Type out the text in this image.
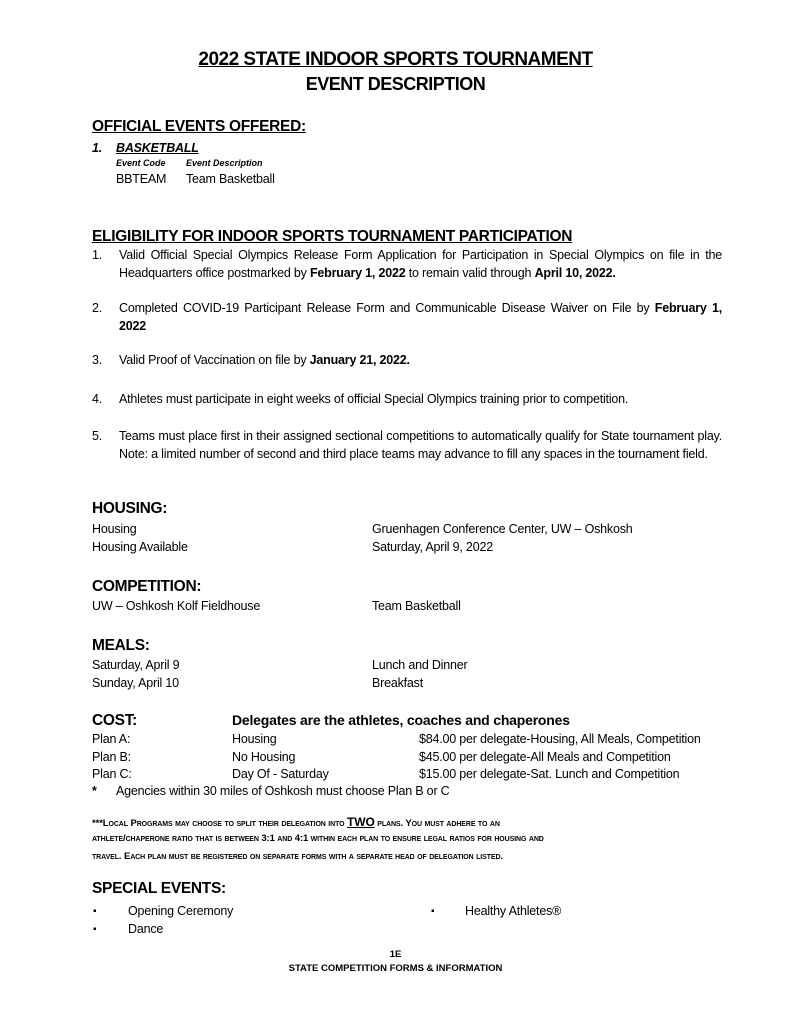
2022 STATE INDOOR SPORTS TOURNAMENT
EVENT DESCRIPTION
OFFICIAL EVENTS OFFERED:
1. BASKETBALL
Event Code Event Description
BBTEAM Team Basketball
ELIGIBILITY FOR INDOOR SPORTS TOURNAMENT PARTICIPATION
1. Valid Official Special Olympics Release Form Application for Participation in Special Olympics on file in the Headquarters office postmarked by February 1, 2022 to remain valid through April 10, 2022.
2. Completed COVID-19 Participant Release Form and Communicable Disease Waiver on File by February 1, 2022
3. Valid Proof of Vaccination on file by January 21, 2022.
4. Athletes must participate in eight weeks of official Special Olympics training prior to competition.
5. Teams must place first in their assigned sectional competitions to automatically qualify for State tournament play. Note: a limited number of second and third place teams may advance to fill any spaces in the tournament field.
HOUSING:
Housing	Gruenhagen Conference Center, UW – Oshkosh
Housing Available	Saturday, April 9, 2022
COMPETITION:
UW – Oshkosh Kolf Fieldhouse	Team Basketball
MEALS:
Saturday, April 9	Lunch and Dinner
Sunday, April 10	Breakfast
COST:	Delegates are the athletes, coaches and chaperones
Plan A:	Housing	$84.00 per delegate-Housing, All Meals, Competition
Plan B:	No Housing	$45.00 per delegate-All Meals and Competition
Plan C:	Day Of - Saturday	$15.00 per delegate-Sat. Lunch and Competition
* Agencies within 30 miles of Oshkosh must choose Plan B or C
***Local Programs may choose to split their delegation into TWO plans. You must adhere to an
athlete/chaperone ratio that is between 3:1 and 4:1 within each plan to ensure legal ratios for housing and
travel. Each plan must be registered on separate forms with a separate head of delegation listed.
SPECIAL EVENTS:
▪	Opening Ceremony
▪	Dance
▪ Healthy Athletes®
1E
STATE COMPETITION FORMS & INFORMATION
